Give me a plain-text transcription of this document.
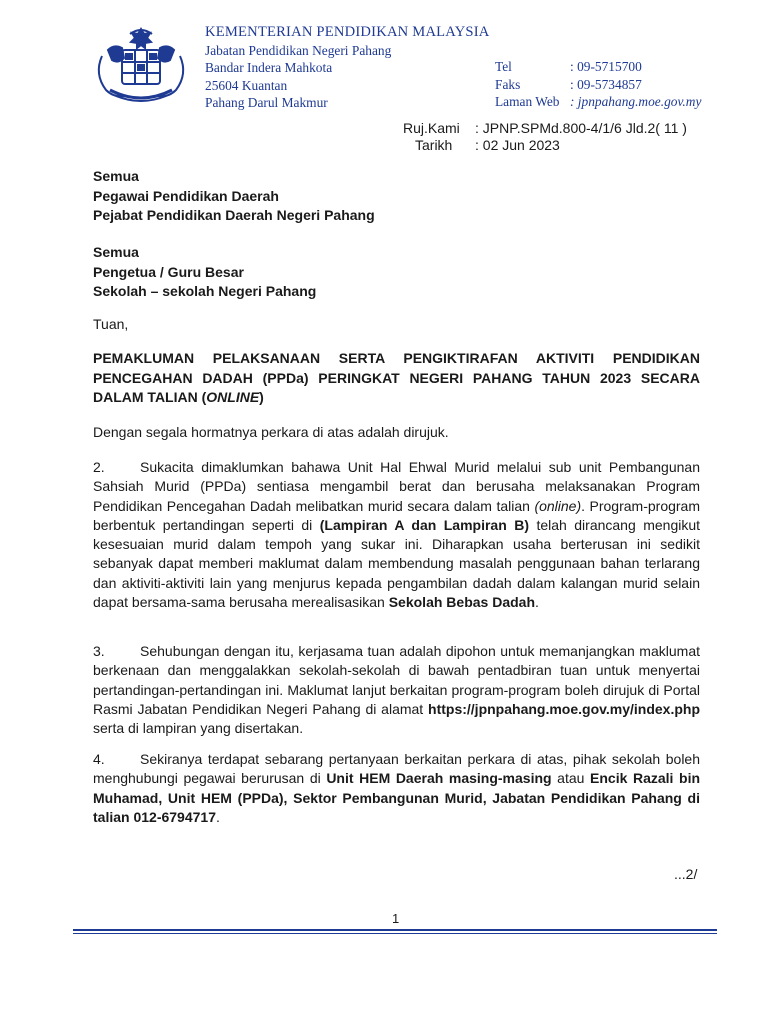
KEMENTERIAN PENDIDIKAN MALAYSIA
Jabatan Pendidikan Negeri Pahang
Bandar Indera Mahkota
25604 Kuantan
Pahang Darul Makmur
Tel	: 09-5715700
Faks	: 09-5734857
Laman Web : jpnpahang.moe.gov.my
Ruj.Kami	: JPNP.SPMd.800-4/1/6 Jld.2( 11 )
Tarikh	: 02 Jun 2023
Semua
Pegawai Pendidikan Daerah
Pejabat Pendidikan Daerah Negeri Pahang
Semua
Pengetua / Guru Besar
Sekolah – sekolah Negeri Pahang
Tuan,
PEMAKLUMAN PELAKSANAAN SERTA PENGIKTIRAFAN AKTIVITI PENDIDIKAN PENCEGAHAN DADAH (PPDa) PERINGKAT NEGERI PAHANG TAHUN 2023 SECARA DALAM TALIAN (ONLINE)
Dengan segala hormatnya perkara di atas adalah dirujuk.
2.	Sukacita dimaklumkan bahawa Unit Hal Ehwal Murid melalui sub unit Pembangunan Sahsiah Murid (PPDa) sentiasa mengambil berat dan berusaha melaksanakan Program Pendidikan Pencegahan Dadah melibatkan murid secara dalam talian (online). Program-program berbentuk pertandingan seperti di (Lampiran A dan Lampiran B) telah dirancang mengikut kesesuaian murid dalam tempoh yang sukar ini. Diharapkan usaha berterusan ini sedikit sebanyak dapat memberi maklumat dalam membendung masalah penggunaan bahan terlarang dan aktiviti-aktiviti lain yang menjurus kepada pengambilan dadah dalam kalangan murid selain dapat bersama-sama berusaha merealisasikan Sekolah Bebas Dadah.
3.	Sehubungan dengan itu, kerjasama tuan adalah dipohon untuk memanjangkan maklumat berkenaan dan menggalakkan sekolah-sekolah di bawah pentadbiran tuan untuk menyertai pertandingan-pertandingan ini. Maklumat lanjut berkaitan program-program boleh dirujuk di Portal Rasmi Jabatan Pendidikan Negeri Pahang di alamat https://jpnpahang.moe.gov.my/index.php serta di lampiran yang disertakan.
4.	Sekiranya terdapat sebarang pertanyaan berkaitan perkara di atas, pihak sekolah boleh menghubungi pegawai berurusan di Unit HEM Daerah masing-masing atau Encik Razali bin Muhamad, Unit HEM (PPDa), Sektor Pembangunan Murid, Jabatan Pendidikan Pahang di talian 012-6794717.
...2/
1
